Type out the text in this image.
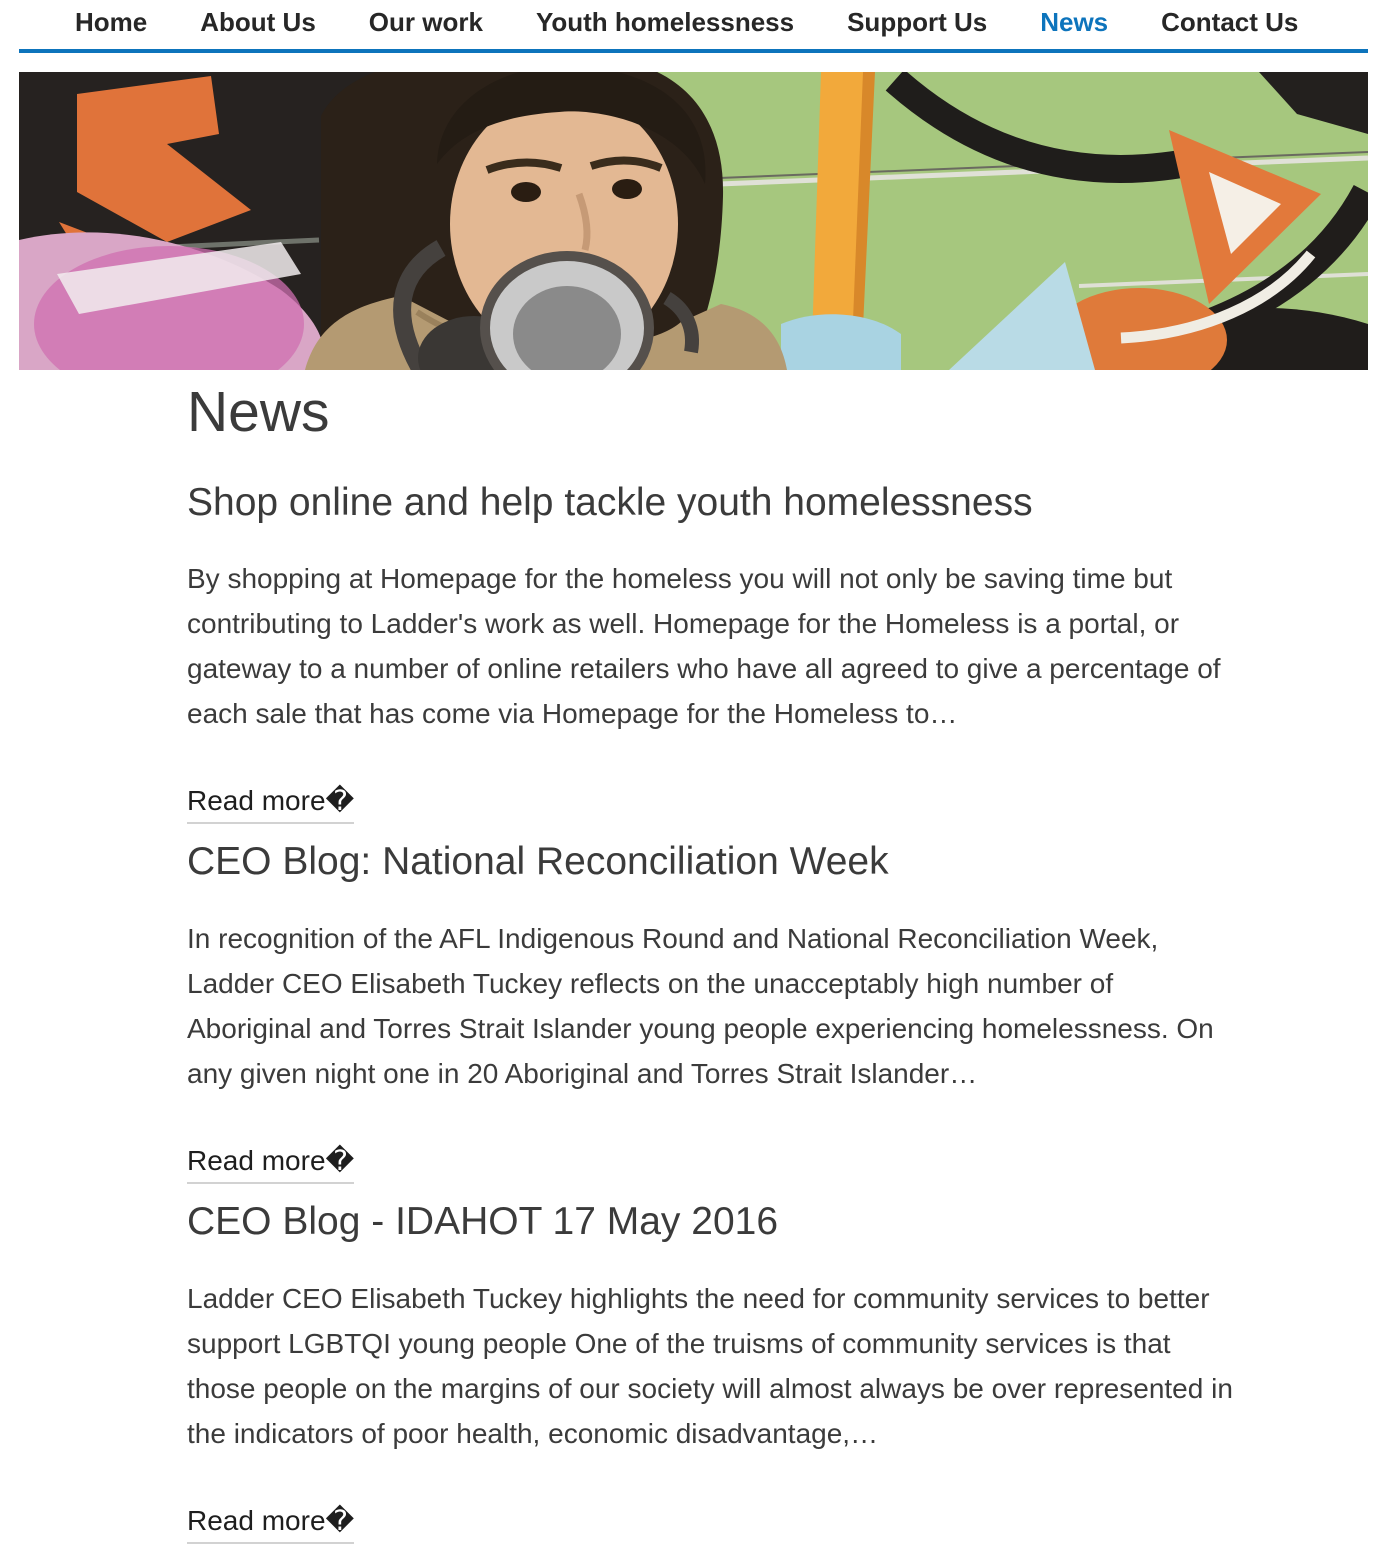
Home About Us Our work Youth homelessness Support Us News Contact Us
News
Shop online and help tackle youth homelessness

By shopping at Homepage for the homeless you will not only be saving time but contributing to Ladder's work as well. Homepage for the Homeless is a portal, or gateway to a number of online retailers who have all agreed to give a percentage of each sale that has come via Homepage for the Homeless to…

Read more�
CEO Blog: National Reconciliation Week

In recognition of the AFL Indigenous Round and National Reconciliation Week, Ladder CEO Elisabeth Tuckey reflects on the unacceptably high number of Aboriginal and Torres Strait Islander young people experiencing homelessness. On any given night one in 20 Aboriginal and Torres Strait Islander…

Read more�
CEO Blog - IDAHOT 17 May 2016

Ladder CEO Elisabeth Tuckey highlights the need for community services to better support LGBTQI young people One of the truisms of community services is that those people on the margins of our society will almost always be over represented in the indicators of poor health, economic disadvantage,…

Read more�
